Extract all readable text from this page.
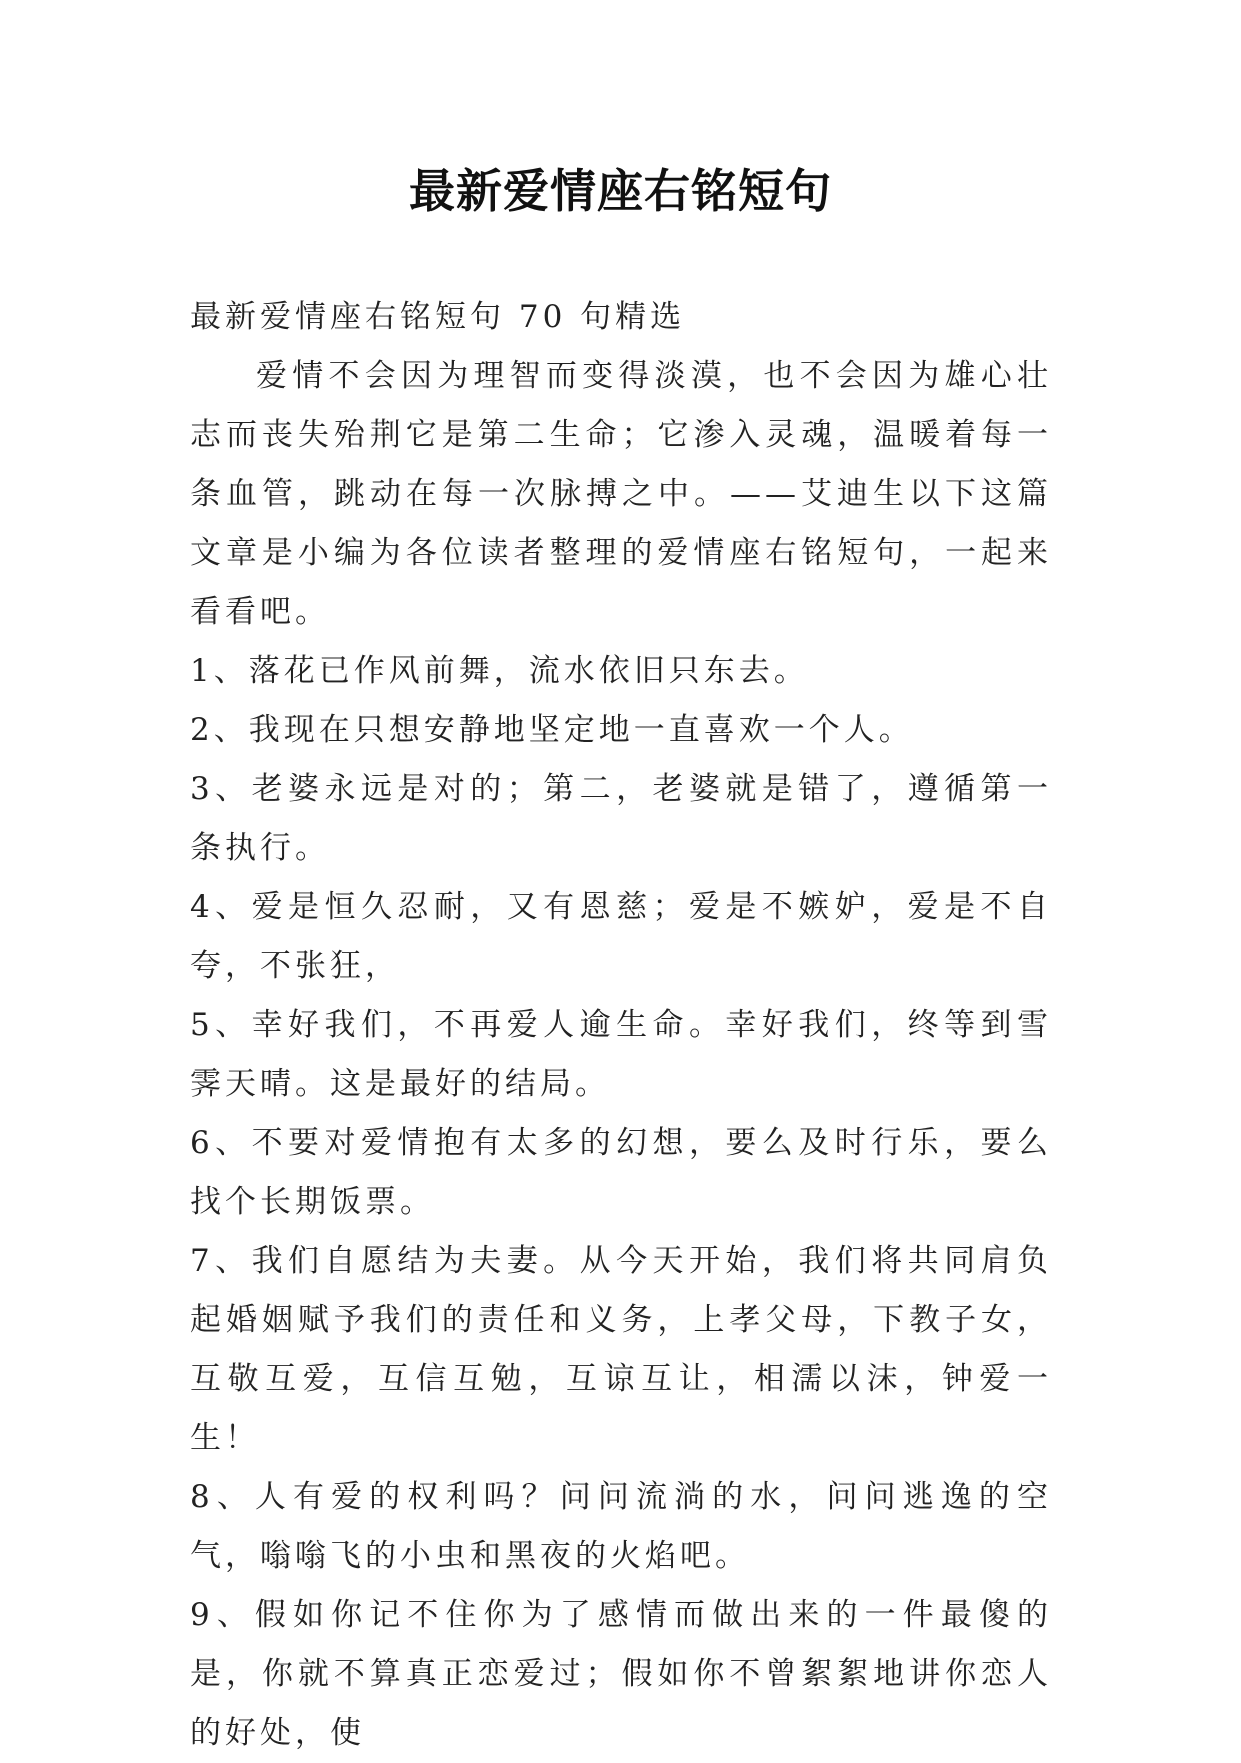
最新爱情座右铭短句

最新爱情座右铭短句 70 句精选

爱情不会因为理智而变得淡漠，也不会因为雄心壮志而丧失殆荆它是第二生命；它渗入灵魂，温暖着每一条血管，跳动在每一次脉搏之中。——艾迪生以下这篇文章是小编为各位读者整理的爱情座右铭短句，一起来看看吧。

1、落花已作风前舞，流水依旧只东去。

2、我现在只想安静地坚定地一直喜欢一个人。

3、老婆永远是对的；第二，老婆就是错了，遵循第一条执行。

4、爱是恒久忍耐，又有恩慈；爱是不嫉妒，爱是不自夸，不张狂，

5、幸好我们，不再爱人逾生命。幸好我们，终等到雪霁天晴。这是最好的结局。

6、不要对爱情抱有太多的幻想，要么及时行乐，要么找个长期饭票。

7、我们自愿结为夫妻。从今天开始，我们将共同肩负起婚姻赋予我们的责任和义务，上孝父母，下教子女，互敬互爱，互信互勉，互谅互让，相濡以沫，钟爱一生！

8、人有爱的权利吗？问问流淌的水，问问逃逸的空气，嗡嗡飞的小虫和黑夜的火焰吧。

9、假如你记不住你为了感情而做出来的一件最傻的是，你就不算真正恋爱过；假如你不曾絮絮地讲你恋人的好处，使
